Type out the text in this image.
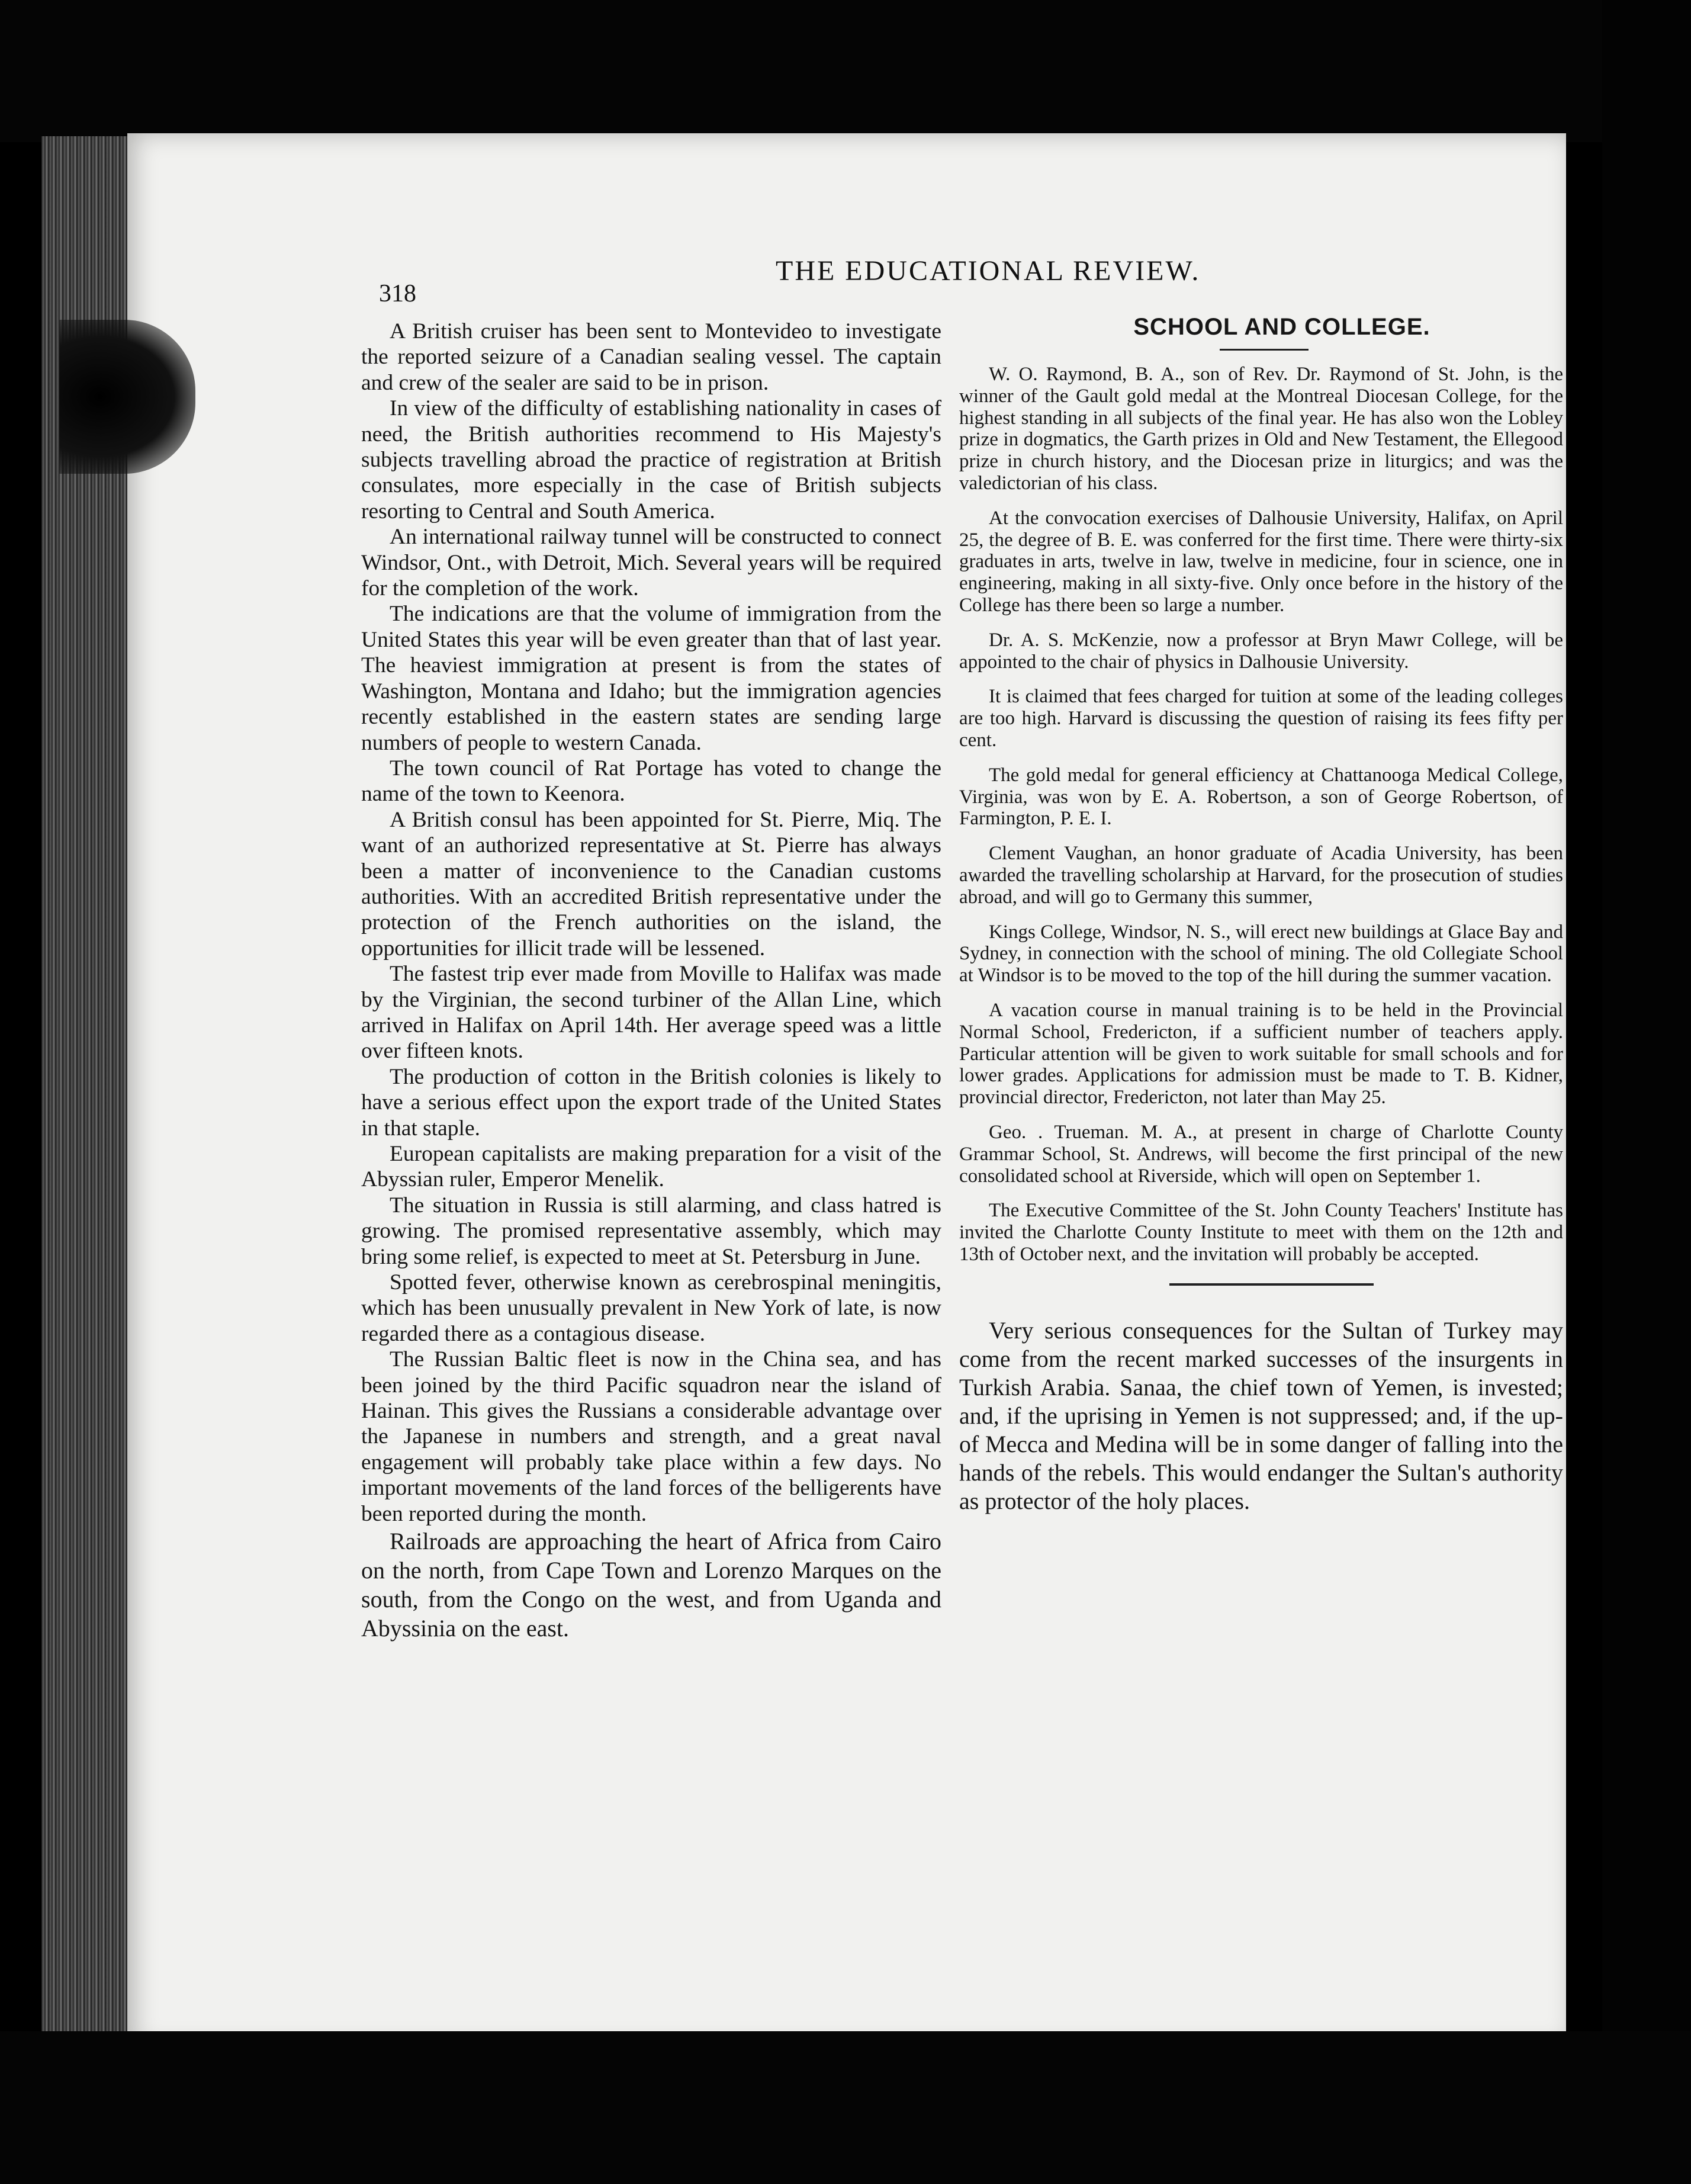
THE EDUCATIONAL REVIEW.
318

A British cruiser has been sent to Montevideo to investigate the reported seizure of a Canadian sealing vessel. The captain and crew of the sealer are said to be in prison.

In view of the difficulty of establishing nationality in cases of need, the British authorities recommend to His Majesty's subjects travelling abroad the practice of registration at British consulates, more especially in the case of British subjects resorting to Central and South America.

An international railway tunnel will be constructed to connect Windsor, Ont., with Detroit, Mich. Several years will be required for the completion of the work.

The indications are that the volume of immigration from the United States this year will be even greater than that of last year. The heaviest immigration at present is from the states of Washington, Montana and Idaho; but the immigration agencies recently established in the eastern states are sending large numbers of people to western Canada.

The town council of Rat Portage has voted to change the name of the town to Keenora.

A British consul has been appointed for St. Pierre, Miq. The want of an authorized representative at St. Pierre has always been a matter of inconvenience to the Canadian customs authorities. With an accredited British representative under the protection of the French authorities on the island, the opportunities for illicit trade will be lessened.

The fastest trip ever made from Moville to Halifax was made by the Virginian, the second turbiner of the Allan Line, which arrived in Halifax on April 14th. Her average speed was a little over fifteen knots.

The production of cotton in the British colonies is likely to have a serious effect upon the export trade of the United States in that staple.

European capitalists are making preparation for a visit of the Abyssian ruler, Emperor Menelik.

The situation in Russia is still alarming, and class hatred is growing. The promised representative assembly, which may bring some relief, is expected to meet at St. Petersburg in June.

Spotted fever, otherwise known as cerebrospinal meningitis, which has been unusually prevalent in New York of late, is now regarded there as a contagious disease.

The Russian Baltic fleet is now in the China sea, and has been joined by the third Pacific squadron near the island of Hainan. This gives the Russians a considerable advantage over the Japanese in numbers and strength, and a great naval engagement will probably take place within a few days. No important movements of the land forces of the belligerents have been reported during the month.

Railroads are approaching the heart of Africa from Cairo on the north, from Cape Town and Lorenzo Marques on the south, from the Congo on the west, and from Uganda and Abyssinia on the east.

SCHOOL AND COLLEGE.

W. O. Raymond, B. A., son of Rev. Dr. Raymond of St. John, is the winner of the Gault gold medal at the Montreal Diocesan College, for the highest standing in all subjects of the final year. He has also won the Lobley prize in dogmatics, the Garth prizes in Old and New Testament, the Ellegood prize in church history, and the Diocesan prize in liturgics; and was the valedictorian of his class.

At the convocation exercises of Dalhousie University, Halifax, on April 25, the degree of B. E. was conferred for the first time. There were thirty-six graduates in arts, twelve in law, twelve in medicine, four in science, one in engineering, making in all sixty-five. Only once before in the history of the College has there been so large a number.

Dr. A. S. McKenzie, now a professor at Bryn Mawr College, will be appointed to the chair of physics in Dalhousie University.

It is claimed that fees charged for tuition at some of the leading colleges are too high. Harvard is discussing the question of raising its fees fifty per cent.

The gold medal for general efficiency at Chattanooga Medical College, Virginia, was won by E. A. Robertson, a son of George Robertson, of Farmington, P. E. I.

Clement Vaughan, an honor graduate of Acadia University, has been awarded the travelling scholarship at Harvard, for the prosecution of studies abroad, and will go to Germany this summer,

Kings College, Windsor, N. S., will erect new buildings at Glace Bay and Sydney, in connection with the school of mining. The old Collegiate School at Windsor is to be moved to the top of the hill during the summer vacation.

A vacation course in manual training is to be held in the Provincial Normal School, Fredericton, if a sufficient number of teachers apply. Particular attention will be given to work suitable for small schools and for lower grades. Applications for admission must be made to T. B. Kidner, provincial director, Fredericton, not later than May 25.

Geo. . Trueman. M. A., at present in charge of Charlotte County Grammar School, St. Andrews, will become the first principal of the new consolidated school at Riverside, which will open on September 1.

The Executive Committee of the St. John County Teachers' Institute has invited the Charlotte County Institute to meet with them on the 12th and 13th of October next, and the invitation will probably be accepted.

Very serious consequences for the Sultan of Turkey may come from the recent marked successes of the insurgents in Turkish Arabia. Sanaa, the chief town of Yemen, is invested; and, if the uprising in Yemen is not suppressed; and, if the up- of Mecca and Medina will be in some danger of falling into the hands of the rebels. This would endanger the Sultan's authority as protector of the holy places.
